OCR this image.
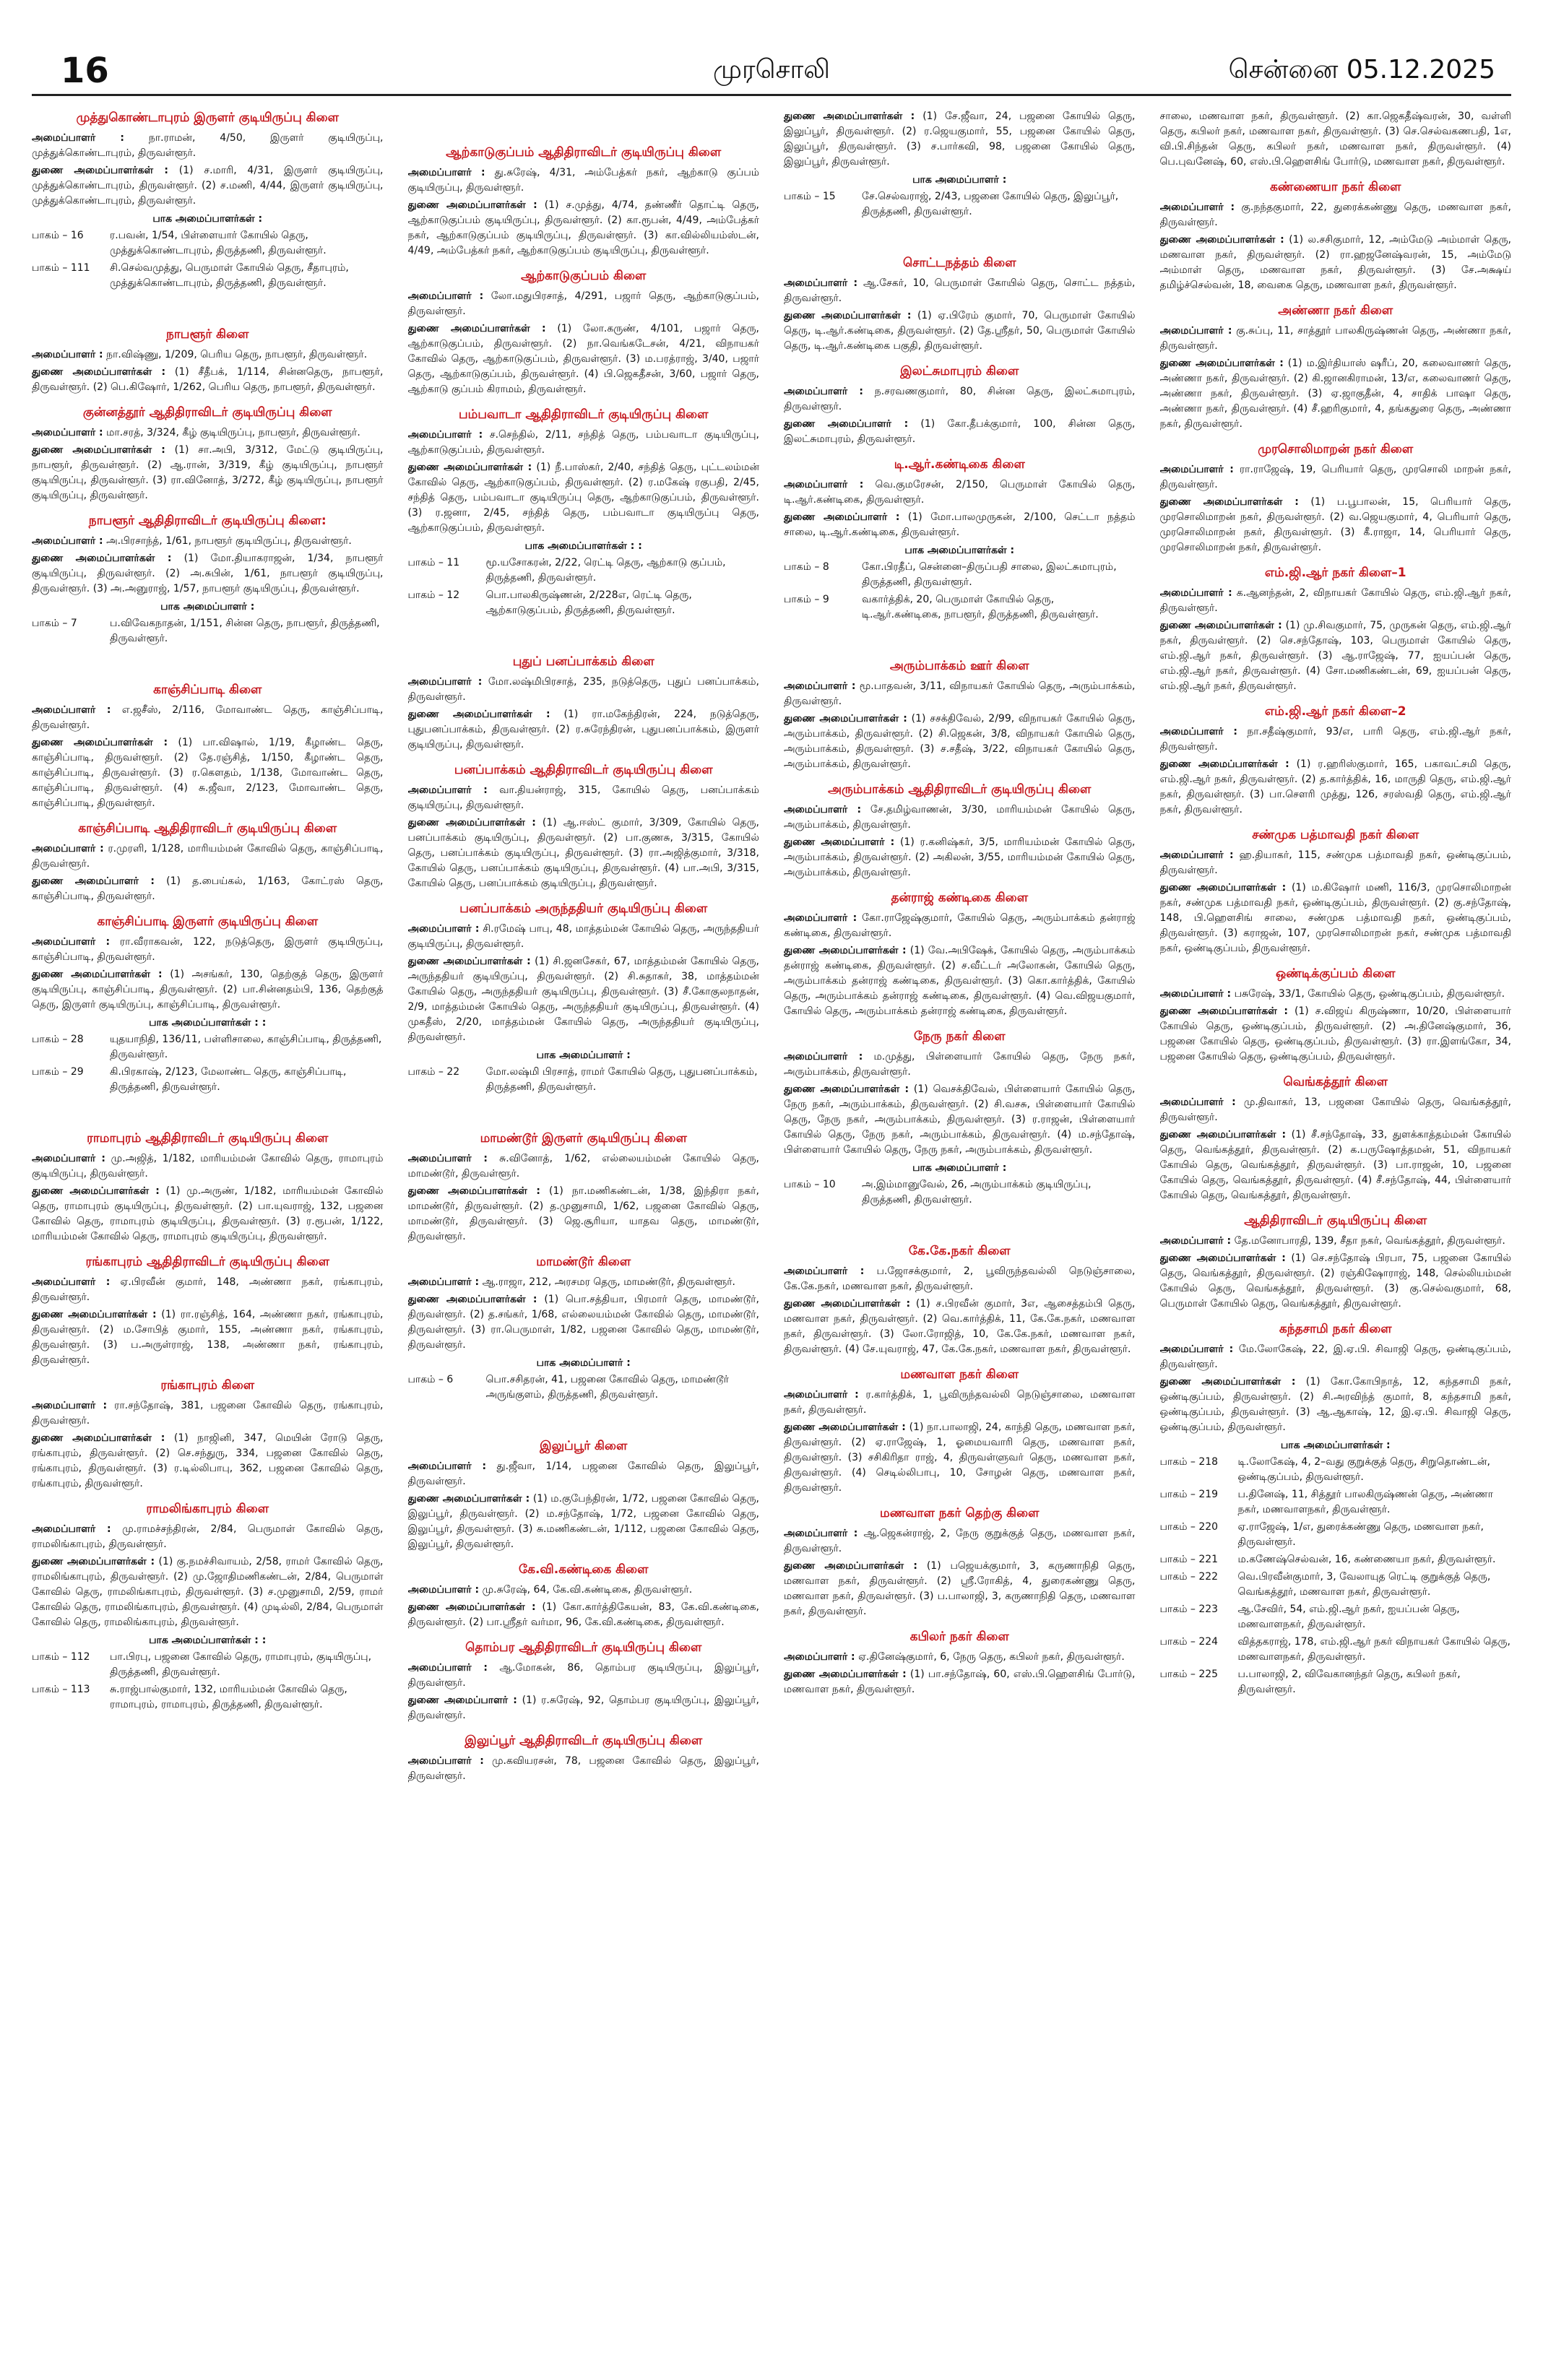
16	முரசொலி	சென்னை 05.12.2025
முத்துகொண்டாபுரம் இருளர் குடியிருப்பு கிளை
அமைப்பாளர் : நா.ராமன், 4/50, இருளர் குடியிருப்பு, முத்துக்கொண்டாபுரம், திருவள்ளூர்.
துணை அமைப்பாளர்கள் : (1) ச.மாரி, 4/31, இருளர் குடியிருப்பு, முத்துக்கொண்டாபுரம், திருவள்ளூர். (2) ச.மணி, 4/44, இருளர் குடியிருப்பு, முத்துக்கொண்டாபுரம், திருவள்ளூர்.
பாக அமைப்பாளர்கள் :
பாகம் – 16	ர.பவன், 1/54, பிள்ளையார் கோயில் தெரு, முத்துக்கொண்டாபுரம், திருத்தணி, திருவள்ளூர்.
பாகம் – 111	சி.செல்வமுத்து, பெருமாள் கோயில் தெரு, சீதாபுரம், முத்துக்கொண்டாபுரம், திருத்தணி, திருவள்ளூர்.
நாபளூர் கிளை
அமைப்பாளர் : நா.விஷ்ணு, 1/209, பெரிய தெரு, நாபளூர், திருவள்ளூர்.
துணை அமைப்பாளர்கள் : (1) சீதீபக், 1/114, சின்னதெரு, நாபளூர், திருவள்ளூர். (2) பெ.கிஷோர், 1/262, பெரிய தெரு, நாபளூர், திருவள்ளூர்.
குன்னத்தூர் ஆதிதிராவிடர் குடியிருப்பு கிளை
அமைப்பாளர் : மா.சரத், 3/324, கீழ் குடியிருப்பு, நாபளூர், திருவள்ளூர்.
துணை அமைப்பாளர்கள் : (1) சா.அபி, 3/312, மேட்டு குடியிருப்பு, நாபளூர், திருவள்ளூர். (2) ஆ.ரான், 3/319, கீழ் குடியிருப்பு, நாபளூர் குடியிருப்பு, திருவள்ளூர். (3) ரா.வினோத், 3/272, கீழ் குடியிருப்பு, நாபளூர் குடியிருப்பு, திருவள்ளூர்.
நாபளூர் ஆதிதிராவிடர் குடியிருப்பு கிளை:
அமைப்பாளர் : அ.பிரசாந்த், 1/61, நாபளூர் குடியிருப்பு, திருவள்ளூர்.
துணை அமைப்பாளர்கள் : (1) மோ.தியாகராஜன், 1/34, நாபளூர் குடியிருப்பு, திருவள்ளூர். (2) அ.சுபின், 1/61, நாபளூர் குடியிருப்பு, திருவள்ளூர். (3) அ.அனுராஜ், 1/57, நாபளூர் குடியிருப்பு, திருவள்ளூர்.
பாக அமைப்பாளர் :
பாகம் – 7	ப.விவேகநாதன், 1/151, சின்ன தெரு, நாபளூர், திருத்தணி, திருவள்ளூர்.
காஞ்சிப்பாடி கிளை
அமைப்பாளர் : எ.ஜசீஸ், 2/116, மோவாண்ட தெரு, காஞ்சிப்பாடி, திருவள்ளூர்.
துணை அமைப்பாளர்கள் : (1) பா.விஷால், 1/19, கீழாண்ட தெரு, காஞ்சிப்பாடி, திருவள்ளூர். (2) தே.ரஞ்சித், 1/150, கீழாண்ட தெரு, காஞ்சிப்பாடி, திருவள்ளூர். (3) ர.கௌதம், 1/138, மோவாண்ட தெரு, காஞ்சிப்பாடி, திருவள்ளூர். (4) சு.ஜீவா, 2/123, மோவாண்ட தெரு, காஞ்சிப்பாடி, திருவள்ளூர்.
காஞ்சிப்பாடி ஆதிதிராவிடர் குடியிருப்பு கிளை
அமைப்பாளர் : ர.முரளி, 1/128, மாரியம்மன் கோவில் தெரு, காஞ்சிப்பாடி, திருவள்ளூர்.
துணை அமைப்பாளர் : (1) த.பைய்கல், 1/163, கோட்ரஸ் தெரு, காஞ்சிப்பாடி, திருவள்ளூர்.
காஞ்சிப்பாடி இருளர் குடியிருப்பு கிளை
அமைப்பாளர் : ரா.வீராகவன், 122, நடுத்தெரு, இருளர் குடியிருப்பு, காஞ்சிப்பாடி, திருவள்ளூர்.
துணை அமைப்பாளர்கள் : (1) அசங்கர், 130, தெற்குத் தெரு, இருளர் குடியிருப்பு, காஞ்சிப்பாடி, திருவள்ளூர். (2) பா.சின்னதம்பி, 136, தெற்குத் தெரு, இருளர் குடியிருப்பு, காஞ்சிப்பாடி, திருவள்ளூர்.
பாக அமைப்பாளர்கள் : :
பாகம் – 28	யுதயாநிதி, 136/11, பள்ளிசாலை, காஞ்சிப்பாடி, திருத்தணி, திருவள்ளூர்.
பாகம் – 29	கி.பிரகாஷ், 2/123, மேலாண்ட தெரு, காஞ்சிப்பாடி, திருத்தணி, திருவள்ளூர்.
ராமாபுரம் ஆதிதிராவிடர் குடியிருப்பு கிளை
அமைப்பாளர் : மு.அஜித், 1/182, மாரியம்மன் கோவில் தெரு, ராமாபுரம் குடியிருப்பு, திருவள்ளூர்.
துணை அமைப்பாளர்கள் : (1) மு.அருண், 1/182, மாரியம்மன் கோவில் தெரு, ராமாபுரம் குடியிருப்பு, திருவள்ளூர். (2) பா.யுவராஜ், 132, பஜனை கோவில் தெரு, ராமாபுரம் குடியிருப்பு, திருவள்ளூர். (3) ர.ரூபன், 1/122, மாரியம்மன் கோவில் தெரு, ராமாபுரம் குடியிருப்பு, திருவள்ளூர்.
ரங்காபுரம் ஆதிதிராவிடர் குடியிருப்பு கிளை
அமைப்பாளர் : ஏ.பிரவீன் குமார், 148, அண்ணா நகர், ரங்காபுரம், திருவள்ளூர்.
துணை அமைப்பாளர்கள் : (1) ரா.ரஞ்சித், 164, அண்ணா நகர், ரங்காபுரம், திருவள்ளூர். (2) ம.சோபித் குமார், 155, அண்ணா நகர், ரங்காபுரம், திருவள்ளூர். (3) ப.அருள்ராஜ், 138, அண்ணா நகர், ரங்காபுரம், திருவள்ளூர்.
ரங்காபுரம் கிளை
அமைப்பாளர் : ரா.சந்தோஷ், 381, பஜனை கோவில் தெரு, ரங்காபுரம், திருவள்ளூர்.
துணை அமைப்பாளர்கள் : (1) நாஜினி, 347, மெயின் ரோடு தெரு, ரங்காபுரம், திருவள்ளூர். (2) செ.சந்துரு, 334, பஜனை கோவில் தெரு, ரங்காபுரம், திருவள்ளூர். (3) ர.டில்லிபாபு, 362, பஜனை கோவில் தெரு, ரங்காபுரம், திருவள்ளூர்.
ராமலிங்காபுரம் கிளை
அமைப்பாளர் : மு.ராமச்சந்திரன், 2/84, பெருமாள் கோவில் தெரு, ராமலிங்காபுரம், திருவள்ளூர்.
துணை அமைப்பாளர்கள் : (1) கு.நமச்சிவாயம், 2/58, ராமர் கோவில் தெரு, ராமலிங்காபுரம், திருவள்ளூர். (2) மு.ஜோதிமணிகண்டன், 2/84, பெருமாள் கோவில் தெரு, ராமலிங்காபுரம், திருவள்ளூர். (3) ச.முனுசாமி, 2/59, ராமர் கோவில் தெரு, ராமலிங்காபுரம், திருவள்ளூர். (4) முடில்லி, 2/84, பெருமாள் கோவில் தெரு, ராமலிங்காபுரம், திருவள்ளூர்.
பாக அமைப்பாளர்கள் : :
பாகம் – 112	பா.பிரபு, பஜனை கோவில் தெரு, ராமாபுரம், குடியிருப்பு, திருத்தணி, திருவள்ளூர்.
பாகம் – 113	சு.ராஜ்பால்குமார், 132, மாரியம்மன் கோவில் தெரு, ராமாபுரம், ராமாபுரம், திருத்தணி, திருவள்ளூர்.
ஆற்காடுகுப்பம் ஆதிதிராவிடர் குடியிருப்பு கிளை
அமைப்பாளர் : து.சுரேஷ், 4/31, அம்பேத்கர் நகர், ஆற்காடு குப்பம் குடியிருப்பு, திருவள்ளூர்.
துணை அமைப்பாளர்கள் : (1) ச.முத்து, 4/74, தண்ணீர் தொட்டி தெரு, ஆற்காடுகுப்பம் குடியிருப்பு, திருவள்ளூர். (2) கா.ரூபன், 4/49, அம்பேத்கர் நகர், ஆற்காடுகுப்பம் குடியிருப்பு, திருவள்ளூர். (3) கா.வில்லியம்ஸ்டன், 4/49, அம்பேத்கர் நகர், ஆற்காடுகுப்பம் குடியிருப்பு, திருவள்ளூர்.
ஆற்காடுகுப்பம் கிளை
அமைப்பாளர் : லோ.மதுபிரசாத், 4/291, பஜார் தெரு, ஆற்காடுகுப்பம், திருவள்ளூர்.
துணை அமைப்பாளர்கள் : (1) லோ.கருண், 4/101, பஜார் தெரு, ஆற்காடுகுப்பம், திருவள்ளூர். (2) நா.வெங்கடேசன், 4/21, விநாயகர் கோவில் தெரு, ஆற்காடுகுப்பம், திருவள்ளூர். (3) ம.பரத்ராஜ், 3/40, பஜார் தெரு, ஆற்காடுகுப்பம், திருவள்ளூர். (4) பி.ஜெகதீசன், 3/60, பஜார் தெரு, ஆற்காடு குப்பம் கிராமம், திருவள்ளூர்.
பம்பவாடா ஆதிதிராவிடர் குடியிருப்பு கிளை
அமைப்பாளர் : ச.செந்தில், 2/11, சந்தித் தெரு, பம்பவாடா குடியிருப்பு, ஆற்காடுகுப்பம், திருவள்ளூர்.
துணை அமைப்பாளர்கள் : (1) நீ.பாஸ்கர், 2/40, சந்தித் தெரு, புட்டலம்மன் கோவில் தெரு, ஆற்காடுகுப்பம், திருவள்ளூர். (2) ர.மகேஷ் ரகுபதி, 2/45, சந்தித் தெரு, பம்பவாடா குடியிருப்பு தெரு, ஆற்காடுகுப்பம், திருவள்ளூர். (3) ர.ஜனா, 2/45, சந்தித் தெரு, பம்பவாடா குடியிருப்பு தெரு, ஆற்காடுகுப்பம், திருவள்ளூர்.
பாக அமைப்பாளர்கள் : :
பாகம் – 11	மூ.யசோகரன், 2/22, ரெட்டி தெரு, ஆற்காடு குப்பம், திருத்தணி, திருவள்ளூர்.
பாகம் – 12	பொ.பாலகிருஷ்ணன், 2/228எ, ரெட்டி தெரு, ஆற்காடுகுப்பம், திருத்தணி, திருவள்ளூர்.
புதுப் பனப்பாக்கம் கிளை
அமைப்பாளர் : மோ.லஷ்மிபிரசாத், 235, நடுத்தெரு, புதுப் பனப்பாக்கம், திருவள்ளூர்.
துணை அமைப்பாளர்கள் : (1) ரா.மகேந்திரன், 224, நடுத்தெரு, புதுபனப்பாக்கம், திருவள்ளூர். (2) ர.சுரேந்திரன், புதுபனப்பாக்கம், இருளர் குடியிருப்பு, திருவள்ளூர்.
பனப்பாக்கம் ஆதிதிராவிடர் குடியிருப்பு கிளை
அமைப்பாளர் : வா.தியன்ராஜ், 315, கோயில் தெரு, பனப்பாக்கம் குடியிருப்பு, திருவள்ளூர்.
துணை அமைப்பாளர்கள் : (1) ஆ.ஈஸ்ட் குமார், 3/309, கோயில் தெரு, பனப்பாக்கம் குடியிருப்பு, திருவள்ளூர். (2) பா.குணசு, 3/315, கோயில் தெரு, பனப்பாக்கம் குடியிருப்பு, திருவள்ளூர். (3) ரா.அஜித்குமார், 3/318, கோயில் தெரு, பனப்பாக்கம் குடியிருப்பு, திருவள்ளூர். (4) பா.அபி, 3/315, கோயில் தெரு, பனப்பாக்கம் குடியிருப்பு, திருவள்ளூர்.
பனப்பாக்கம் அருந்ததியர் குடியிருப்பு கிளை
அமைப்பாளர் : சி.ரமேஷ் பாபு, 48, மாத்தம்மன் கோயில் தெரு, அருந்ததியர் குடியிருப்பு, திருவள்ளூர்.
துணை அமைப்பாளர்கள் : (1) சி.ஜனசேகர், 67, மாத்தம்மன் கோயில் தெரு, அருந்ததியர் குடியிருப்பு, திருவள்ளூர். (2) சி.சுதாகர், 38, மாத்தம்மன் கோயில் தெரு, அருந்ததியர் குடியிருப்பு, திருவள்ளூர். (3) சீ.கோகுலநாதன், 2/9, மாத்தம்மன் கோயில் தெரு, அருந்ததியர் குடியிருப்பு, திருவள்ளூர். (4) முகதீஸ், 2/20, மாத்தம்மன் கோயில் தெரு, அருந்ததியர் குடியிருப்பு, திருவள்ளூர்.
பாக அமைப்பாளர் :
பாகம் – 22	மோ.லஷ்மி பிரசாத், ராமர் கோயில் தெரு, புதுபனப்பாக்கம், திருத்தணி, திருவள்ளூர்.
மாமண்டூர் இருளர் குடியிருப்பு கிளை
அமைப்பாளர் : சு.வினோத், 1/62, எல்லையம்மன் கோயில் தெரு, மாமண்டூர், திருவள்ளூர்.
துணை அமைப்பாளர்கள் : (1) நா.மணிகண்டன், 1/38, இந்திரா நகர், மாமண்டூர், திருவள்ளூர். (2) த.முனுசாமி, 1/62, பஜனை கோவில் தெரு, மாமண்டூர், திருவள்ளூர். (3) ஜெ.சூரியா, யாதவ தெரு, மாமண்டூர், திருவள்ளூர்.
மாமண்டூர் கிளை
அமைப்பாளர் : ஆ.ராஜா, 212, அரசமர தெரு, மாமண்டூர், திருவள்ளூர்.
துணை அமைப்பாளர்கள் : (1) பொ.சத்தியா, பிரமார் தெரு, மாமண்டூர், திருவள்ளூர். (2) த.சங்கர், 1/68, எல்லையம்மன் கோவில் தெரு, மாமண்டூர், திருவள்ளூர். (3) ரா.பெருமாள், 1/82, பஜனை கோவில் தெரு, மாமண்டூர், திருவள்ளூர்.
பாக அமைப்பாளர் :
பாகம் – 6	பொ.சசிதரன், 41, பஜனை கோவில் தெரு, மாமண்டூர் அருங்குளம், திருத்தணி, திருவள்ளூர்.
இலுப்பூர் கிளை
அமைப்பாளர் : து.ஜீவா, 1/14, பஜனை கோவில் தெரு, இலுப்பூர், திருவள்ளூர்.
துணை அமைப்பாளர்கள் : (1) ம.குபேந்திரன், 1/72, பஜனை கோவில் தெரு, இலுப்பூர், திருவள்ளூர். (2) ம.சந்தோஷ், 1/72, பஜனை கோவில் தெரு, இலுப்பூர், திருவள்ளூர். (3) சு.மணிகண்டன், 1/112, பஜனை கோவில் தெரு, இலுப்பூர், திருவள்ளூர்.
கே.வி.கண்டிகை கிளை
அமைப்பாளர் : மு.சுரேஷ், 64, கே.வி.கண்டிகை, திருவள்ளூர்.
துணை அமைப்பாளர்கள் : (1) கோ.கார்த்திகேயன், 83, கே.வி.கண்டிகை, திருவள்ளூர். (2) பா.ஸ்ரீதர் வர்மா, 96, கே.வி.கண்டிகை, திருவள்ளூர்.
தொம்பர ஆதிதிராவிடர் குடியிருப்பு கிளை
அமைப்பாளர் : ஆ.மோகன், 86, தொம்பர குடியிருப்பு, இலுப்பூர், திருவள்ளூர்.
துணை அமைப்பாளர் : (1) ர.சுரேஷ், 92, தொம்பர குடியிருப்பு, இலுப்பூர், திருவள்ளூர்.
இலுப்பூர் ஆதிதிராவிடர் குடியிருப்பு கிளை
அமைப்பாளர் : மு.கவியரசன், 78, பஜனை கோவில் தெரு, இலுப்பூர், திருவள்ளூர்.
துணை அமைப்பாளர்கள் : (1) சே.ஜீவா, 24, பஜனை கோயில் தெரு, இலுப்பூர், திருவள்ளூர். (2) ர.ஜெயகுமார், 55, பஜனை கோயில் தெரு, இலுப்பூர், திருவள்ளூர். (3) ச.பார்கவி, 98, பஜனை கோயில் தெரு, இலுப்பூர், திருவள்ளூர்.
பாக அமைப்பாளர் :
பாகம் – 15	சே.செல்வராஜ், 2/43, பஜனை கோயில் தெரு, இலுப்பூர், திருத்தணி, திருவள்ளூர்.
சொட்டநத்தம் கிளை
அமைப்பாளர் : ஆ.சேகர், 10, பெருமாள் கோயில் தெரு, சொட்ட நத்தம், திருவள்ளூர்.
துணை அமைப்பாளர்கள் : (1) ஏ.பிரேம் குமார், 70, பெருமாள் கோயில் தெரு, டி.ஆர்.கண்டிகை, திருவள்ளூர். (2) தே.ஸ்ரீதர், 50, பெருமாள் கோயில் தெரு, டி.ஆர்.கண்டிகை பகுதி, திருவள்ளூர்.
இலட்சுமாபுரம் கிளை
அமைப்பாளர் : ந.சரவணகுமார், 80, சின்ன தெரு, இலட்சுமாபுரம், திருவள்ளூர்.
துணை அமைப்பாளர் : (1) கோ.தீபக்குமார், 100, சின்ன தெரு, இலட்சுமாபுரம், திருவள்ளூர்.
டி.ஆர்.கண்டிகை கிளை
அமைப்பாளர் : வெ.குமரேசன், 2/150, பெருமாள் கோயில் தெரு, டி.ஆர்.கண்டிகை, திருவள்ளூர்.
துணை அமைப்பாளர் : (1) மோ.பாலமுருகன், 2/100, செட்டா நத்தம் சாலை, டி.ஆர்.கண்டிகை, திருவள்ளூர்.
பாக அமைப்பாளர்கள் :
பாகம் – 8	கோ.பிரதீப், சென்னை–திருப்பதி சாலை, இலட்சுமாபுரம், திருத்தணி, திருவள்ளூர்.
பாகம் – 9	வகார்த்திக், 20, பெருமாள் கோயில் தெரு, டி.ஆர்.கண்டிகை, நாபளூர், திருத்தணி, திருவள்ளூர்.
அரும்பாக்கம் ஊர் கிளை
அமைப்பாளர் : மூ.பாதவன், 3/11, விநாயகர் கோயில் தெரு, அரும்பாக்கம், திருவள்ளூர்.
துணை அமைப்பாளர்கள் : (1) சசக்திவேல், 2/99, விநாயகர் கோயில் தெரு, அரும்பாக்கம், திருவள்ளூர். (2) சி.ஜெகன், 3/8, விநாயகர் கோயில் தெரு, அரும்பாக்கம், திருவள்ளூர். (3) ச.சதீஷ், 3/22, விநாயகர் கோயில் தெரு, அரும்பாக்கம், திருவள்ளூர்.
அரும்பாக்கம் ஆதிதிராவிடர் குடியிருப்பு கிளை
அமைப்பாளர் : சே.தமிழ்வாணன், 3/30, மாரியம்மன் கோயில் தெரு, அரும்பாக்கம், திருவள்ளூர்.
துணை அமைப்பாளர் : (1) ர.கனிஷ்கர், 3/5, மாரியம்மன் கோயில் தெரு, அரும்பாக்கம், திருவள்ளூர். (2) அகிலன், 3/55, மாரியம்மன் கோயில் தெரு, அரும்பாக்கம், திருவள்ளூர்.
தன்ராஜ் கண்டிகை கிளை
அமைப்பாளர் : கோ.ராஜேஷ்குமார், கோயில் தெரு, அரும்பாக்கம் தன்ராஜ் கண்டிகை, திருவள்ளூர்.
துணை அமைப்பாளர்கள் : (1) வே.அபிஷேக், கோயில் தெரு, அரும்பாக்கம் தன்ராஜ் கண்டிகை, திருவள்ளூர். (2) ச.வீட்டர் அலோகன், கோயில் தெரு, அரும்பாக்கம் தன்ராஜ் கண்டிகை, திருவள்ளூர். (3) கொ.கார்த்திக், கோயில் தெரு, அரும்பாக்கம் தன்ராஜ் கண்டிகை, திருவள்ளூர். (4) வெ.விஜயகுமார், கோயில் தெரு, அரும்பாக்கம் தன்ராஜ் கண்டிகை, திருவள்ளூர்.
நேரு நகர் கிளை
அமைப்பாளர் : ம.முத்து, பிள்ளையார் கோயில் தெரு, நேரு நகர், அரும்பாக்கம், திருவள்ளூர்.
துணை அமைப்பாளர்கள் : (1) வெசக்திவேல், பிள்ளையார் கோயில் தெரு, நேரு நகர், அரும்பாக்கம், திருவள்ளூர். (2) சி.வசசு, பிள்ளையார் கோயில் தெரு, நேரு நகர், அரும்பாக்கம், திருவள்ளூர். (3) ர.ராஜன், பிள்ளையார் கோயில் தெரு, நேரு நகர், அரும்பாக்கம், திருவள்ளூர். (4) ம.சந்தோஷ், பிள்ளையார் கோயில் தெரு, நேரு நகர், அரும்பாக்கம், திருவள்ளூர்.
பாக அமைப்பாளர் :
பாகம் – 10	அ.இம்மானுவேல், 26, அரும்பாக்கம் குடியிருப்பு, திருத்தணி, திருவள்ளூர்.
கே.கே.நகர் கிளை
அமைப்பாளர் : ப.ஜோசக்குமார், 2, பூவிருந்தவல்லி நெடுஞ்சாலை, கே.கே.நகர், மணவாள நகர், திருவள்ளூர்.
துணை அமைப்பாளர்கள் : (1) ச.பிரவீன் குமார், 3எ, ஆசைத்தம்பி தெரு, மணவாள நகர், திருவள்ளூர். (2) வெ.கார்த்திக், 11, கே.கே.நகர், மணவாள நகர், திருவள்ளூர். (3) லோ.ரோஜித், 10, கே.கே.நகர், மணவாள நகர், திருவள்ளூர். (4) சே.யுவராஜ், 47, கே.கே.நகர், மணவாள நகர், திருவள்ளூர்.
மணவாள நகர் கிளை
அமைப்பாளர் : ர.கார்த்திக், 1, பூவிருந்தவல்லி நெடுஞ்சாலை, மணவாள நகர், திருவள்ளூர்.
துணை அமைப்பாளர்கள் : (1) நா.பாலாஜி, 24, காந்தி தெரு, மணவாள நகர், திருவள்ளூர். (2) ஏ.ராஜேஷ், 1, ஓமையவாரி தெரு, மணவாள நகர், திருவள்ளூர். (3) சசிகிரிதா ராஜ், 4, திருவள்ளுவர் தெரு, மணவாள நகர், திருவள்ளூர். (4) செடில்லிபாபு, 10, சோழன் தெரு, மணவாள நகர், திருவள்ளூர்.
மணவாள நகர் தெற்கு கிளை
அமைப்பாளர் : ஆ.ஜெகன்ராஜ், 2, நேரு குறுக்குத் தெரு, மணவாள நகர், திருவள்ளூர்.
துணை அமைப்பாளர்கள் : (1) பஜெயக்குமார், 3, கருணாநிதி தெரு, மணவாள நகர், திருவள்ளூர். (2) ஸ்ரீ.ரோகித், 4, துரைகண்ணு தெரு, மணவாள நகர், திருவள்ளூர். (3) ப.பாலாஜி, 3, கருணாநிதி தெரு, மணவாள நகர், திருவள்ளூர்.
கபிலர் நகர் கிளை
அமைப்பாளர் : ஏ.தினேஷ்குமார், 6, நேரு தெரு, கபிலர் நகர், திருவள்ளூர்.
துணை அமைப்பாளர்கள் : (1) பா.சந்தோஷ், 60, எஸ்.பி.ஹௌசிங் போர்டு, மணவாள நகர், திருவள்ளூர்.
சாலை, மணவாள நகர், திருவள்ளூர். (2) கா.ஜெகதீஷ்வரன், 30, வள்ளி தெரு, கபிலர் நகர், மணவாள நகர், திருவள்ளூர். (3) செ.செல்வகணபதி, 1எ, வி.பி.சிந்தன் தெரு, கபிலர் நகர், மணவாள நகர், திருவள்ளூர். (4) பெ.புவனேஷ், 60, எஸ்.பி.ஹௌசிங் போர்டு, மணவாள நகர், திருவள்ளூர்.
கண்ணையா நகர் கிளை
அமைப்பாளர் : கு.நந்தகுமார், 22, துரைக்கண்ணு தெரு, மணவாள நகர், திருவள்ளூர்.
துணை அமைப்பாளர்கள் : (1) ல.சசிகுமார், 12, அம்மேடு அம்மாள் தெரு, மணவாள நகர், திருவள்ளூர். (2) ரா.ஹஜனேஷ்வரன், 15, அம்மேடு அம்மாள் தெரு, மணவாள நகர், திருவள்ளூர். (3) சே.அக்ஷய் தமிழ்ச்செல்வன், 18, வைகை தெரு, மணவாள நகர், திருவள்ளூர்.
அண்ணா நகர் கிளை
அமைப்பாளர் : கு.சுப்பு, 11, சாத்தூர் பாலகிருஷ்ணன் தெரு, அண்ணா நகர், திருவள்ளூர்.
துணை அமைப்பாளர்கள் : (1) ம.இர்தியாஸ் ஷரீப், 20, கலைவாணர் தெரு, அண்ணா நகர், திருவள்ளூர். (2) கி.ஜானகிராமன், 13/எ, கலைவாணர் தெரு, அண்ணா நகர், திருவள்ளூர். (3) ஏ.ஜாகுதீன், 4, சாதிக் பாஷா தெரு, அண்ணா நகர், திருவள்ளூர். (4) சீ.ஹரிகுமார், 4, தங்கதுரை தெரு, அண்ணா நகர், திருவள்ளூர்.
முரசொலிமாறன் நகர் கிளை
அமைப்பாளர் : ரா.ராஜேஷ், 19, பெரியார் தெரு, முரசொலி மாறன் நகர், திருவள்ளூர்.
துணை அமைப்பாளர்கள் : (1) ப.பூபாலன், 15, பெரியார் தெரு, முரசொலிமாறன் நகர், திருவள்ளூர். (2) வ.ஜெயகுமார், 4, பெரியார் தெரு, முரசொலிமாறன் நகர், திருவள்ளூர். (3) கீ.ராஜா, 14, பெரியார் தெரு, முரசொலிமாறன் நகர், திருவள்ளூர்.
எம்.ஜி.ஆர் நகர் கிளை–1
அமைப்பாளர் : க.ஆனந்தன், 2, விநாயகர் கோயில் தெரு, எம்.ஜி.ஆர் நகர், திருவள்ளூர்.
துணை அமைப்பாளர்கள் : (1) மு.சிவகுமார், 75, முருகன் தெரு, எம்.ஜி.ஆர் நகர், திருவள்ளூர். (2) செ.சந்தோஷ், 103, பெருமாள் கோயில் தெரு, எம்.ஜி.ஆர் நகர், திருவள்ளூர். (3) ஆ.ராஜேஷ், 77, ஐயப்பன் தெரு, எம்.ஜி.ஆர் நகர், திருவள்ளூர். (4) சோ.மணிகண்டன், 69, ஐயப்பன் தெரு, எம்.ஜி.ஆர் நகர், திருவள்ளூர்.
எம்.ஜி.ஆர் நகர் கிளை–2
அமைப்பாளர் : நா.சதீஷ்குமார், 93/எ, பாரி தெரு, எம்.ஜி.ஆர் நகர், திருவள்ளூர்.
துணை அமைப்பாளர்கள் : (1) ர.ஹரிஸ்குமார், 165, பகாவட்சமி தெரு, எம்.ஜி.ஆர் நகர், திருவள்ளூர். (2) த.கார்த்திக், 16, மாருதி தெரு, எம்.ஜி.ஆர் நகர், திருவள்ளூர். (3) பா.செளரி முத்து, 126, சரஸ்வதி தெரு, எம்.ஜி.ஆர் நகர், திருவள்ளூர்.
சண்முக பத்மாவதி நகர் கிளை
அமைப்பாளர் : ஹ.தியாகர், 115, சண்முக பத்மாவதி நகர், ஒண்டிகுப்பம், திருவள்ளூர்.
துணை அமைப்பாளர்கள் : (1) ம.கிஷோர் மணி, 116/3, முரசொலிமாறன் நகர், சண்முக பத்மாவதி நகர், ஒண்டிகுப்பம், திருவள்ளூர். (2) கு.சந்தோஷ், 148, பி.ஹௌசிங் சாலை, சண்முக பத்மாவதி நகர், ஒண்டிகுப்பம், திருவள்ளூர். (3) கராஜன், 107, முரசொலிமாறன் நகர், சண்முக பத்மாவதி நகர், ஒண்டிகுப்பம், திருவள்ளூர்.
ஒண்டிக்குப்பம் கிளை
அமைப்பாளர் : பசுரேஷ், 33/1, கோயில் தெரு, ஒண்டிகுப்பம், திருவள்ளூர்.
துணை அமைப்பாளர்கள் : (1) ச.விஜய் கிருஷ்ணா, 10/20, பிள்ளையார் கோயில் தெரு, ஒண்டிகுப்பம், திருவள்ளூர். (2) அ.தினேஷ்குமார், 36, பஜனை கோயில் தெரு, ஒண்டிகுப்பம், திருவள்ளூர். (3) ரா.இளங்கோ, 34, பஜனை கோயில் தெரு, ஒண்டிகுப்பம், திருவள்ளூர்.
வெங்கத்தூர் கிளை
அமைப்பாளர் : மு.திவாகர், 13, பஜனை கோயில் தெரு, வெங்கத்தூர், திருவள்ளூர்.
துணை அமைப்பாளர்கள் : (1) சீ.சந்தோஷ், 33, துளக்காத்தம்மன் கோயில் தெரு, வெங்கத்தூர், திருவள்ளூர். (2) க.பருஷோத்தமன், 51, விநாயகர் கோயில் தெரு, வெங்கத்தூர், திருவள்ளூர். (3) பா.ராஜன், 10, பஜனை கோயில் தெரு, வெங்கத்தூர், திருவள்ளூர். (4) சீ.சந்தோஷ், 44, பிள்ளையார் கோயில் தெரு, வெங்கத்தூர், திருவள்ளூர்.
ஆதிதிராவிடர் குடியிருப்பு கிளை
அமைப்பாளர் : தே.மனோபாரதி, 139, சீதா நகர், வெங்கத்தூர், திருவள்ளூர்.
துணை அமைப்பாளர்கள் : (1) செ.சந்தோஷ் பிரபா, 75, பஜனை கோயில் தெரு, வெங்கத்தூர், திருவள்ளூர். (2) ரஞ்கிஷோராஜ், 148, செல்லியம்மன் கோயில் தெரு, வெங்கத்தூர், திருவள்ளூர். (3) கு.செல்வகுமார், 68, பெருமாள் கோயில் தெரு, வெங்கத்தூர், திருவள்ளூர்.
கந்தசாமி நகர் கிளை
அமைப்பாளர் : மே.லோகேஷ், 22, இ.ஏ.பி. சிவாஜி தெரு, ஒண்டிகுப்பம், திருவள்ளூர்.
துணை அமைப்பாளர்கள் : (1) கோ.கோபிநாத், 12, கந்தசாமி நகர், ஒண்டிகுப்பம், திருவள்ளூர். (2) சி.அரவிந்த் குமார், 8, கந்தசாமி நகர், ஒண்டிகுப்பம், திருவள்ளூர். (3) ஆ.ஆகாஷ், 12, இ.ஏ.பி. சிவாஜி தெரு, ஒண்டிகுப்பம், திருவள்ளூர்.
பாக அமைப்பாளர்கள் :
பாகம் – 218	டி.லோகேஷ், 4, 2–வது குறுக்குத் தெரு, சிறுதொண்டன், ஒண்டிகுப்பம், திருவள்ளூர்.
பாகம் – 219	ப.தினேஷ், 11, சித்தூர் பாலகிருஷ்ணன் தெரு, அண்ணா நகர், மணவாளநகர், திருவள்ளூர்.
பாகம் – 220	ஏ.ராஜேஷ், 1/எ, துரைக்கண்ணு தெரு, மணவாள நகர், திருவள்ளூர்.
பாகம் – 221	ம.கணேஷ்செல்வன், 16, கண்ணையா நகர், திருவள்ளூர்.
பாகம் – 222	வெ.பிரவீன்குமார், 3, வேலாயுத ரெட்டி குறுக்குத் தெரு, வெங்கத்தூர், மணவாள நகர், திருவள்ளூர்.
பாகம் – 223	ஆ.சேவிர், 54, எம்.ஜி.ஆர் நகர், ஐயப்பன் தெரு, மணவாளநகர், திருவள்ளூர்.
பாகம் – 224	வித்தகராஜ், 178, எம்.ஜி.ஆர் நகர் விநாயகர் கோயில் தெரு, மணவாளநகர், திருவள்ளூர்.
பாகம் – 225	ப.பாலாஜி, 2, விவேகானந்தர் தெரு, கபிலர் நகர், திருவள்ளூர்.
